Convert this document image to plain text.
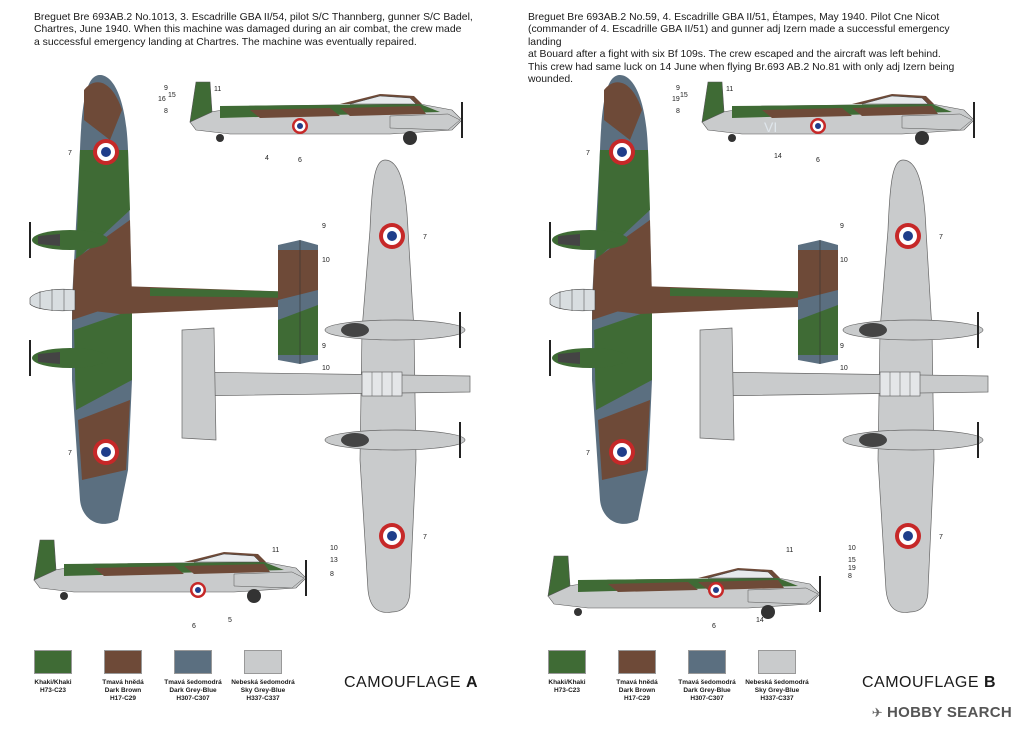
Breguet Bre 693AB.2 No.1013, 3. Escadrille GBA II/54, pilot S/C Thannberg, gunner S/C Badel,
Chartres, June 1940. When this machine was damaged during an air combat, the crew made
a successful emergency landing at Chartres. The machine was eventually repaired.

Breguet Bre 693AB.2 No.59, 4. Escadrille GBA II/51, Étampes, May 1940. Pilot Cne Nicot
(commander of 4. Escadrille GBA II/51) and gunner adj Izern made a successful emergency landing
at Bouard after a fight with six Bf 109s. The crew escaped and the aircraft was left behind.
This crew had same luck on 14 June when flying Br.693 AB.2 No.81 with only adj Izern being wounded.

VI
9
15
16
8
11
4	6
7
7
9
10
9
10
7
7
11	10
13
8
6
5
9
15
19
8
11
14
6
7
7
9
10
9
10
7
7
11	10
15
19
8
6
14
Khaki/Khaki
H73-C23
Tmavá hnědá
Dark Brown
H17-C29
Tmavá šedomodrá
Dark Grey-Blue
H307-C307
Nebeská šedomodrá
Sky Grey-Blue
H337-C337
Khaki/Khaki
H73-C23
Tmavá hnědá
Dark Brown
H17-C29
Tmavá šedomodrá
Dark Grey-Blue
H307-C307
Nebeská šedomodrá
Sky Grey-Blue
H337-C337
CAMOUFLAGE A	CAMOUFLAGE B
✈ HOBBY SEARCH
